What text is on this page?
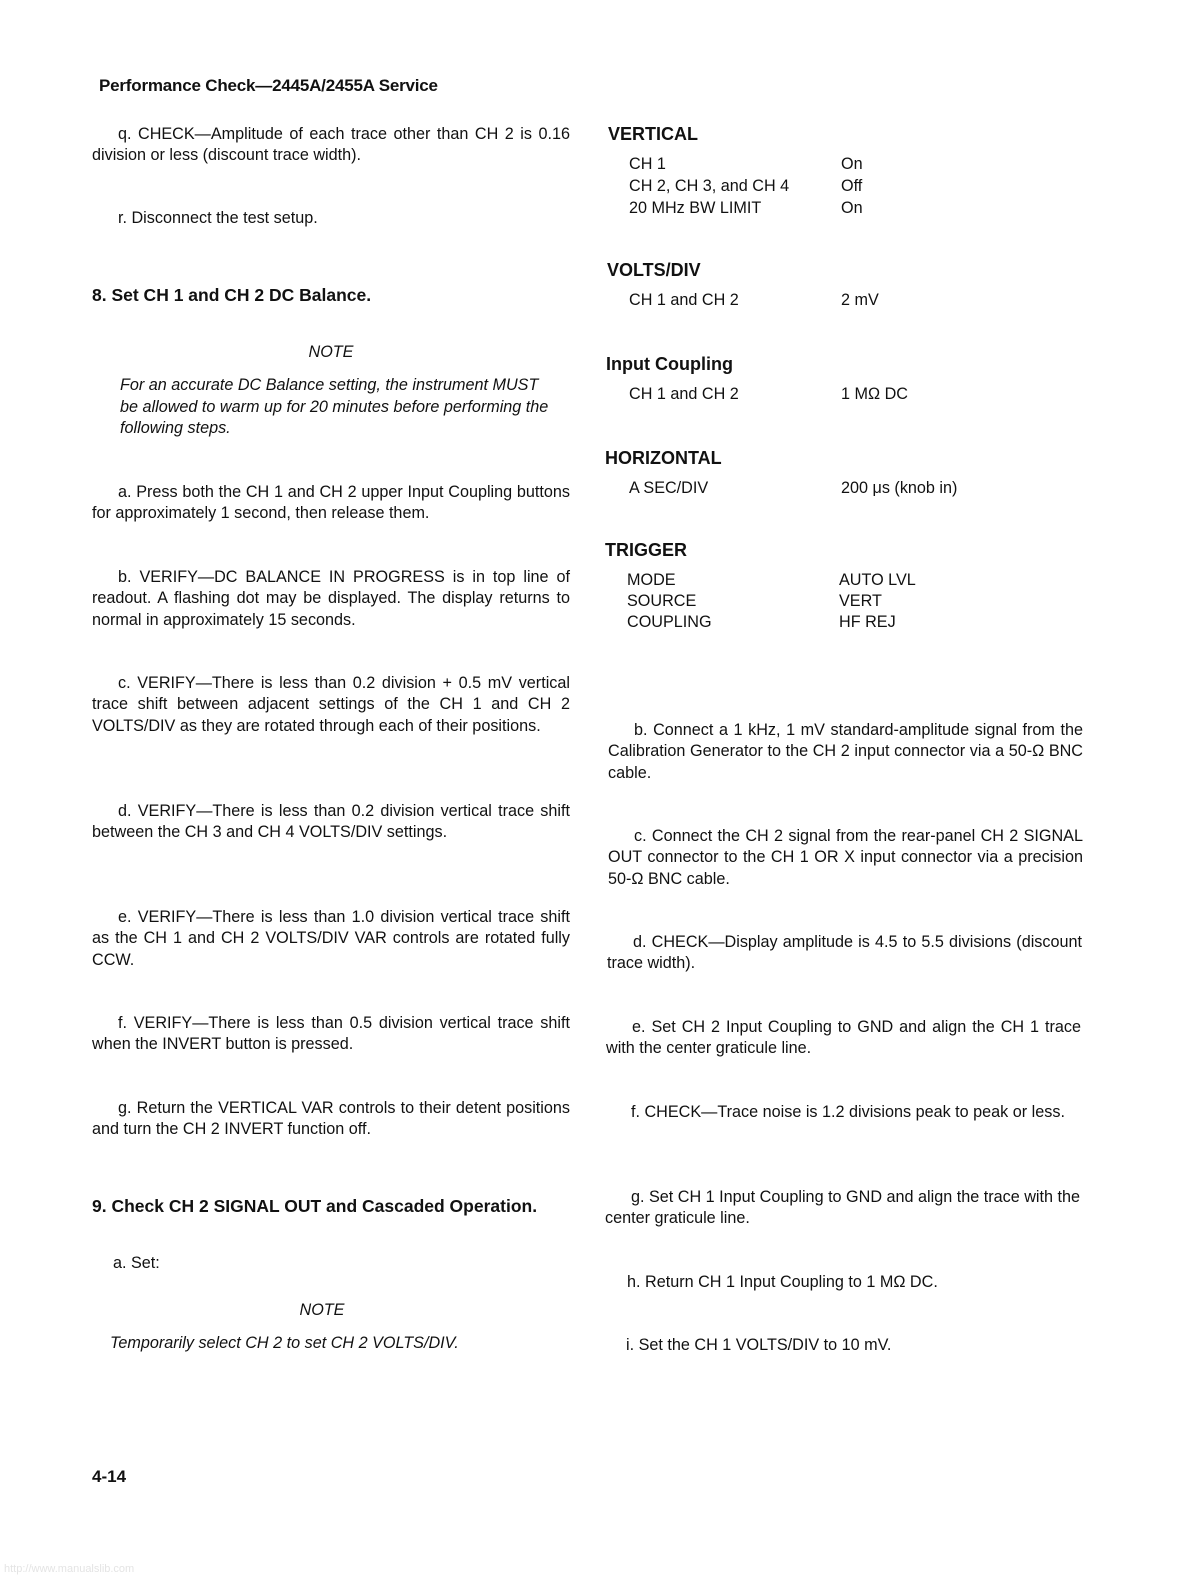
Performance Check—2445A/2455A Service

q. CHECK—Amplitude of each trace other than CH 2 is 0.16 division or less (discount trace width).

r. Disconnect the test setup.

8. Set CH 1 and CH 2 DC Balance.
NOTE
For an accurate DC Balance setting, the instrument MUST be allowed to warm up for 20 minutes before performing the following steps.

a. Press both the CH 1 and CH 2 upper Input Coupling buttons for approximately 1 second, then release them.

b. VERIFY—DC BALANCE IN PROGRESS is in top line of readout. A flashing dot may be displayed. The display returns to normal in approximately 15 seconds.

c. VERIFY—There is less than 0.2 division + 0.5 mV vertical trace shift between adjacent settings of the CH 1 and CH 2 VOLTS/DIV as they are rotated through each of their positions.

d. VERIFY—There is less than 0.2 division vertical trace shift between the CH 3 and CH 4 VOLTS/DIV settings.

e. VERIFY—There is less than 1.0 division vertical trace shift as the CH 1 and CH 2 VOLTS/DIV VAR controls are rotated fully CCW.

f. VERIFY—There is less than 0.5 division vertical trace shift when the INVERT button is pressed.

g. Return the VERTICAL VAR controls to their detent positions and turn the CH 2 INVERT function off.

9. Check CH 2 SIGNAL OUT and Cascaded Operation.

a. Set:

NOTE
Temporarily select CH 2 to set CH 2 VOLTS/DIV.
VERTICAL
CH 1	On
CH 2, CH 3, and CH 4	Off
20 MHz BW LIMIT	On
VOLTS/DIV
CH 1 and CH 2	2 mV
Input Coupling
CH 1 and CH 2	1 MΩ DC
HORIZONTAL
A SEC/DIV	200 μs (knob in)
TRIGGER
MODE	AUTO LVL
SOURCE	VERT
COUPLING	HF REJ

b. Connect a 1 kHz, 1 mV standard-amplitude signal from the Calibration Generator to the CH 2 input connector via a 50-Ω BNC cable.

c. Connect the CH 2 signal from the rear-panel CH 2 SIGNAL OUT connector to the CH 1 OR X input connector via a precision 50-Ω BNC cable.

d. CHECK—Display amplitude is 4.5 to 5.5 divisions (discount trace width).

e. Set CH 2 Input Coupling to GND and align the CH 1 trace with the center graticule line.

f. CHECK—Trace noise is 1.2 divisions peak to peak or less.

g. Set CH 1 Input Coupling to GND and align the trace with the center graticule line.

h. Return CH 1 Input Coupling to 1 MΩ DC.

i. Set the CH 1 VOLTS/DIV to 10 mV.

4-14
http://www.manualslib.com
